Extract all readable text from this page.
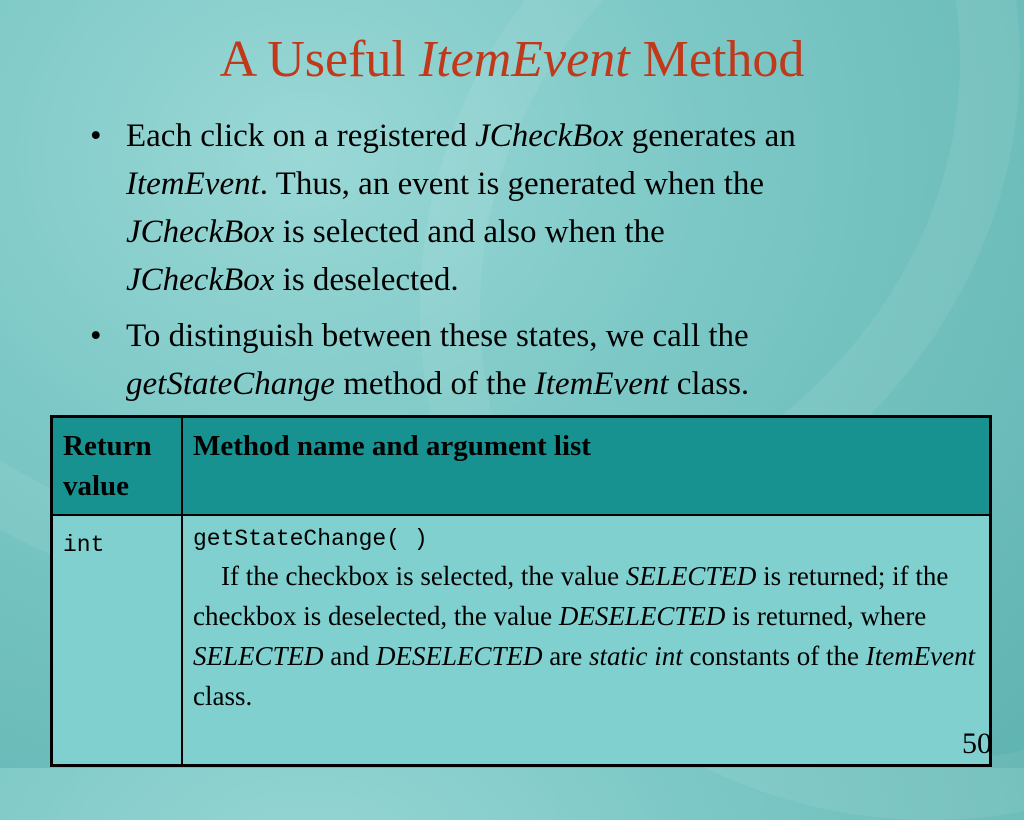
A Useful ItemEvent Method
• Each click on a registered JCheckBox generates an
ItemEvent. Thus, an event is generated when the
JCheckBox is selected and also when the
JCheckBox is deselected.
• To distinguish between these states, we call the
getStateChange method of the ItemEvent class.
Return value	Method name and argument list
int	getStateChange( )
If the checkbox is selected, the value SELECTED is returned; if the checkbox is deselected, the value DESELECTED is returned, where SELECTED and DESELECTED are static int constants of the ItemEvent class.
50
